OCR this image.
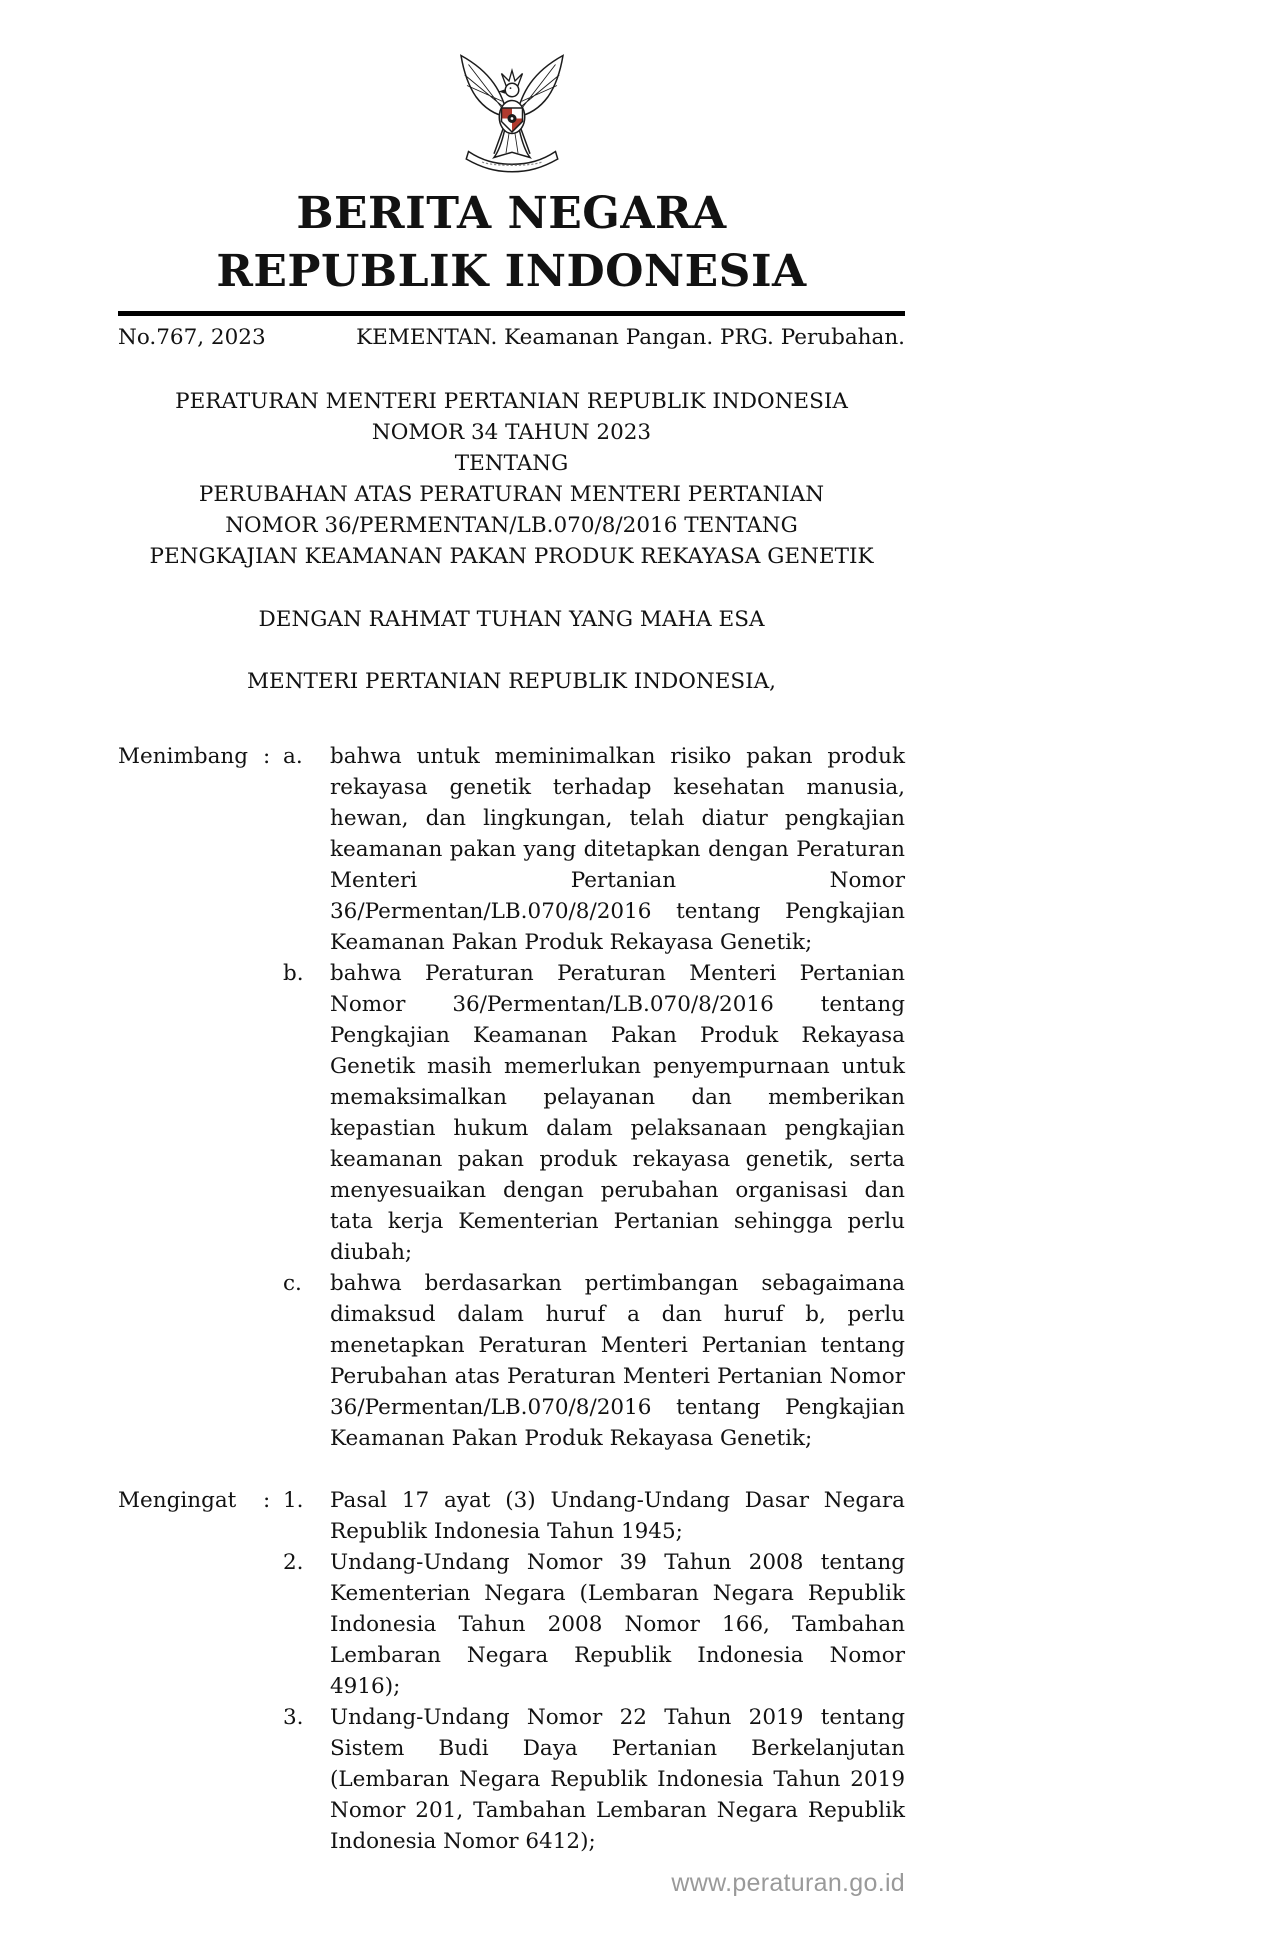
BERITA NEGARA
REPUBLIK INDONESIA
No.767, 2023	KEMENTAN. Keamanan Pangan. PRG. Perubahan.
PERATURAN MENTERI PERTANIAN REPUBLIK INDONESIA
NOMOR 34 TAHUN 2023
TENTANG
PERUBAHAN ATAS PERATURAN MENTERI PERTANIAN
NOMOR 36/PERMENTAN/LB.070/8/2016 TENTANG
PENGKAJIAN KEAMANAN PAKAN PRODUK REKAYASA GENETIK
DENGAN RAHMAT TUHAN YANG MAHA ESA
MENTERI PERTANIAN REPUBLIK INDONESIA,
Menimbang : a.	bahwa untuk meminimalkan risiko pakan produk rekayasa genetik terhadap kesehatan manusia, hewan, dan lingkungan, telah diatur pengkajian keamanan pakan yang ditetapkan dengan Peraturan Menteri Pertanian Nomor 36/Permentan/LB.070/8/2016 tentang Pengkajian Keamanan Pakan Produk Rekayasa Genetik;
b.	bahwa Peraturan Peraturan Menteri Pertanian Nomor 36/Permentan/LB.070/8/2016 tentang Pengkajian Keamanan Pakan Produk Rekayasa Genetik masih memerlukan penyempurnaan untuk memaksimalkan pelayanan dan memberikan kepastian hukum dalam pelaksanaan pengkajian keamanan pakan produk rekayasa genetik, serta menyesuaikan dengan perubahan organisasi dan tata kerja Kementerian Pertanian sehingga perlu diubah;
c.	bahwa berdasarkan pertimbangan sebagaimana dimaksud dalam huruf a dan huruf b, perlu menetapkan Peraturan Menteri Pertanian tentang Perubahan atas Peraturan Menteri Pertanian Nomor 36/Permentan/LB.070/8/2016 tentang Pengkajian Keamanan Pakan Produk Rekayasa Genetik;
Mengingat	: 1.	Pasal 17 ayat (3) Undang-Undang Dasar Negara Republik Indonesia Tahun 1945;
2.	Undang-Undang Nomor 39 Tahun 2008 tentang Kementerian Negara (Lembaran Negara Republik Indonesia Tahun 2008 Nomor 166, Tambahan Lembaran Negara Republik Indonesia Nomor 4916);
3.	Undang-Undang Nomor 22 Tahun 2019 tentang Sistem Budi Daya Pertanian Berkelanjutan (Lembaran Negara Republik Indonesia Tahun 2019 Nomor 201, Tambahan Lembaran Negara Republik Indonesia Nomor 6412);
www.peraturan.go.id
